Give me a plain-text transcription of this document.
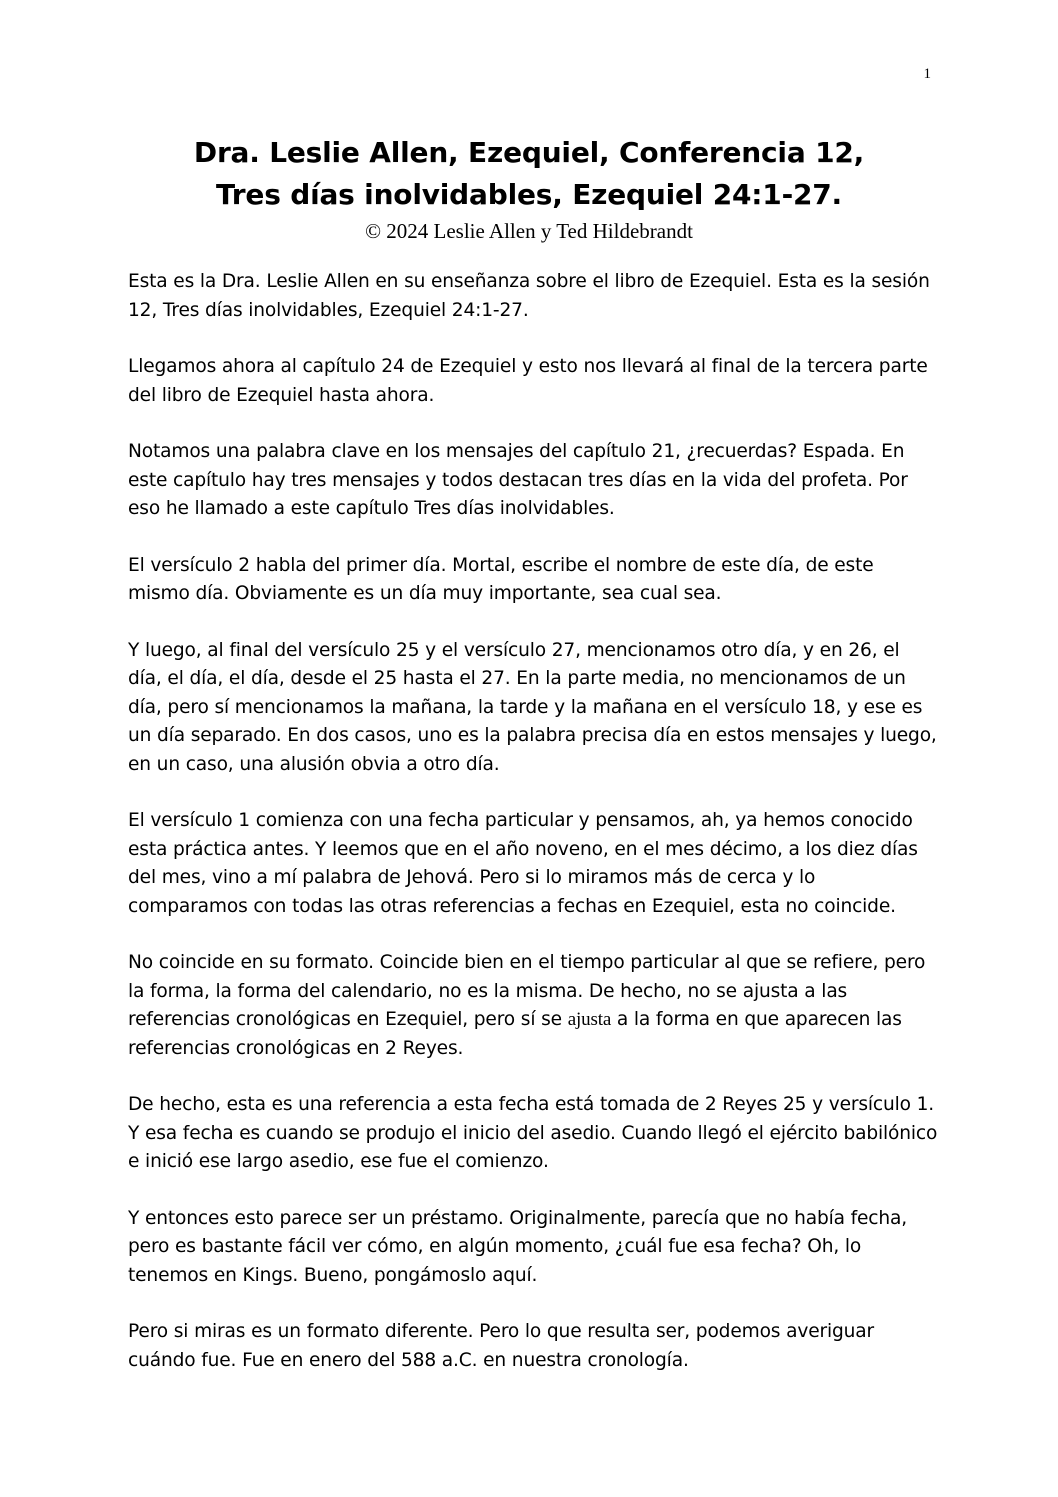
1

Dra. Leslie Allen, Ezequiel, Conferencia 12,

Tres días inolvidables, Ezequiel 24:1-27.

© 2024 Leslie Allen y Ted Hildebrandt

Esta es la Dra. Leslie Allen en su enseñanza sobre el libro de Ezequiel. Esta es la sesión 12, Tres días inolvidables, Ezequiel 24:1-27.

Llegamos ahora al capítulo 24 de Ezequiel y esto nos llevará al final de la tercera parte del libro de Ezequiel hasta ahora.

Notamos una palabra clave en los mensajes del capítulo 21, ¿recuerdas? Espada. En este capítulo hay tres mensajes y todos destacan tres días en la vida del profeta. Por eso he llamado a este capítulo Tres días inolvidables.

El versículo 2 habla del primer día. Mortal, escribe el nombre de este día, de este mismo día. Obviamente es un día muy importante, sea cual sea.

Y luego, al final del versículo 25 y el versículo 27, mencionamos otro día, y en 26, el día, el día, el día, desde el 25 hasta el 27. En la parte media, no mencionamos de un día, pero sí mencionamos la mañana, la tarde y la mañana en el versículo 18, y ese es un día separado. En dos casos, uno es la palabra precisa día en estos mensajes y luego, en un caso, una alusión obvia a otro día.

El versículo 1 comienza con una fecha particular y pensamos, ah, ya hemos conocido esta práctica antes. Y leemos que en el año noveno, en el mes décimo, a los diez días del mes, vino a mí palabra de Jehová. Pero si lo miramos más de cerca y lo comparamos con todas las otras referencias a fechas en Ezequiel, esta no coincide.

No coincide en su formato. Coincide bien en el tiempo particular al que se refiere, pero la forma, la forma del calendario, no es la misma. De hecho, no se ajusta a las referencias cronológicas en Ezequiel, pero sí se ajusta a la forma en que aparecen las referencias cronológicas en 2 Reyes.

De hecho, esta es una referencia a esta fecha está tomada de 2 Reyes 25 y versículo 1. Y esa fecha es cuando se produjo el inicio del asedio. Cuando llegó el ejército babilónico e inició ese largo asedio, ese fue el comienzo.

Y entonces esto parece ser un préstamo. Originalmente, parecía que no había fecha, pero es bastante fácil ver cómo, en algún momento, ¿cuál fue esa fecha? Oh, lo tenemos en Kings. Bueno, pongámoslo aquí.

Pero si miras es un formato diferente. Pero lo que resulta ser, podemos averiguar cuándo fue. Fue en enero del 588 a.C. en nuestra cronología.
